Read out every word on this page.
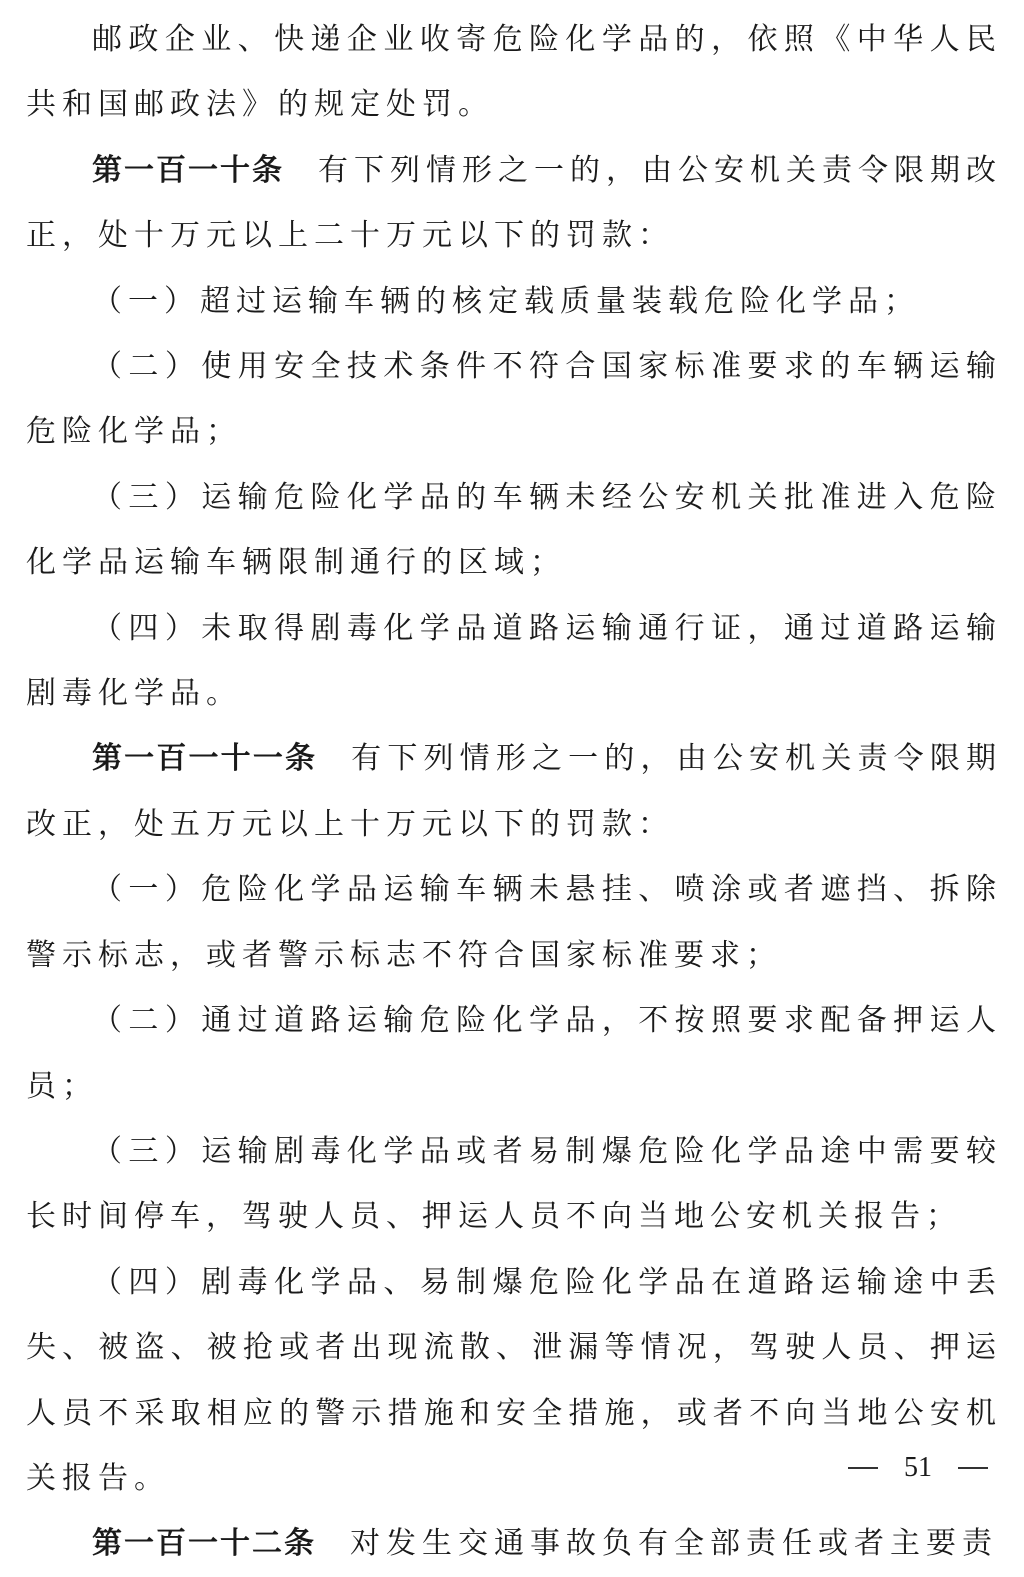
邮政企业、快递企业收寄危险化学品的，依照《中华人民共和国邮政法》的规定处罚。

第一百一十条 有下列情形之一的，由公安机关责令限期改正，处十万元以上二十万元以下的罚款：

（一）超过运输车辆的核定载质量装载危险化学品；

（二）使用安全技术条件不符合国家标准要求的车辆运输危险化学品；

（三）运输危险化学品的车辆未经公安机关批准进入危险化学品运输车辆限制通行的区域；

（四）未取得剧毒化学品道路运输通行证，通过道路运输剧毒化学品。

第一百一十一条 有下列情形之一的，由公安机关责令限期改正，处五万元以上十万元以下的罚款：

（一）危险化学品运输车辆未悬挂、喷涂或者遮挡、拆除警示标志，或者警示标志不符合国家标准要求；

（二）通过道路运输危险化学品，不按照要求配备押运人员；

（三）运输剧毒化学品或者易制爆危险化学品途中需要较长时间停车，驾驶人员、押运人员不向当地公安机关报告；

（四）剧毒化学品、易制爆危险化学品在道路运输途中丢失、被盗、被抢或者出现流散、泄漏等情况，驾驶人员、押运人员不采取相应的警示措施和安全措施，或者不向当地公安机关报告。

第一百一十二条 对发生交通事故负有全部责任或者主要责

51
